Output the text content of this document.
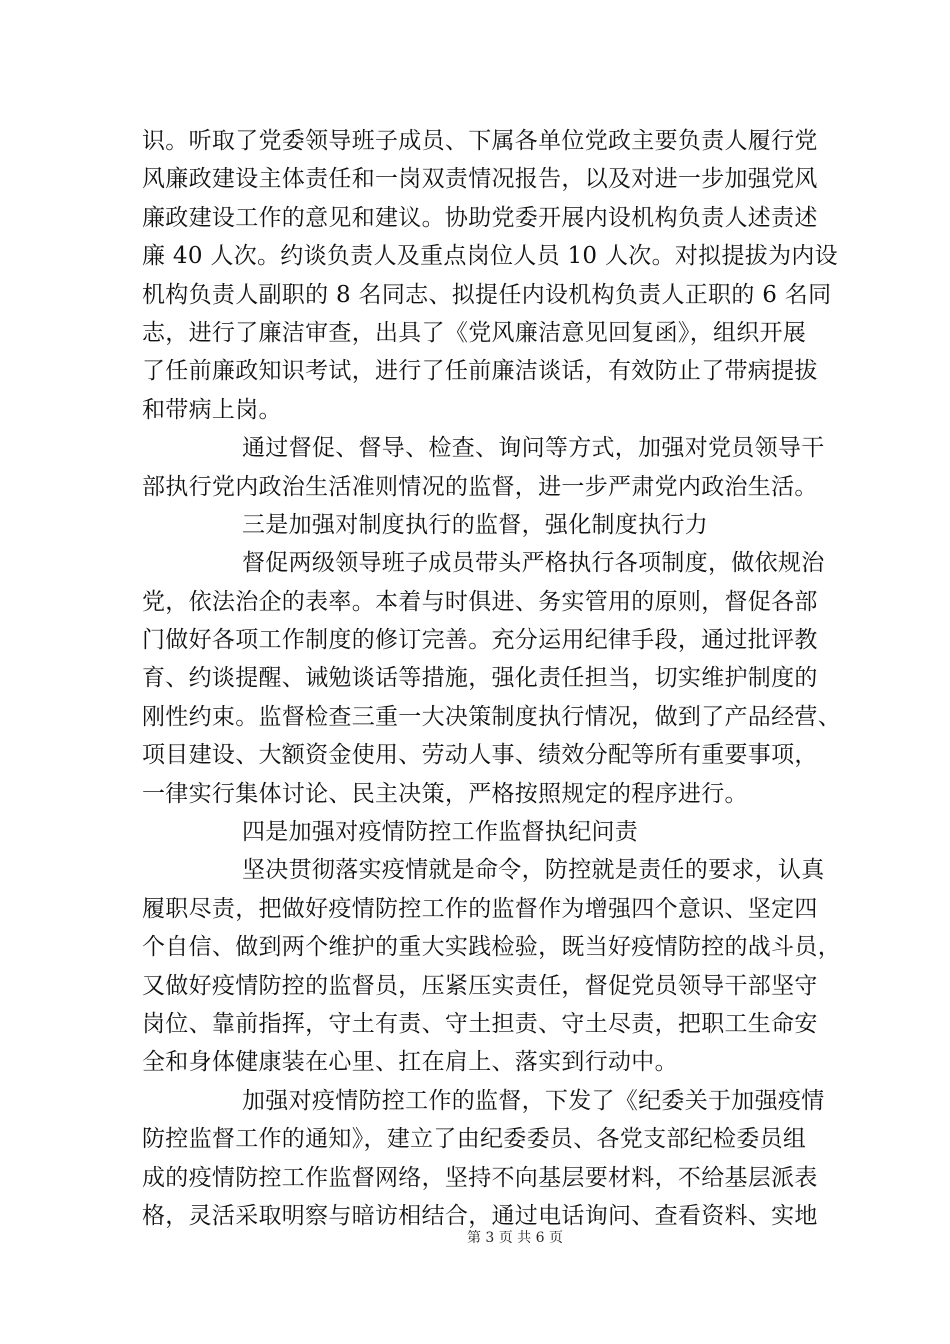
识。听取了党委领导班子成员、下属各单位党政主要负责人履行党
风廉政建设主体责任和一岗双责情况报告，以及对进一步加强党风
廉政建设工作的意见和建议。协助党委开展内设机构负责人述责述
廉 40 人次。约谈负责人及重点岗位人员 10 人次。对拟提拔为内设
机构负责人副职的 8 名同志、拟提任内设机构负责人正职的 6 名同
志，进行了廉洁审查，出具了《党风廉洁意见回复函》，组织开展
了任前廉政知识考试，进行了任前廉洁谈话，有效防止了带病提拔
和带病上岗。
通过督促、督导、检查、询问等方式，加强对党员领导干
部执行党内政治生活准则情况的监督，进一步严肃党内政治生活。
三是加强对制度执行的监督，强化制度执行力
督促两级领导班子成员带头严格执行各项制度，做依规治
党，依法治企的表率。本着与时俱进、务实管用的原则，督促各部
门做好各项工作制度的修订完善。充分运用纪律手段，通过批评教
育、约谈提醒、诫勉谈话等措施，强化责任担当，切实维护制度的
刚性约束。监督检查三重一大决策制度执行情况，做到了产品经营、
项目建设、大额资金使用、劳动人事、绩效分配等所有重要事项，
一律实行集体讨论、民主决策，严格按照规定的程序进行。
四是加强对疫情防控工作监督执纪问责
坚决贯彻落实疫情就是命令，防控就是责任的要求，认真
履职尽责，把做好疫情防控工作的监督作为增强四个意识、坚定四
个自信、做到两个维护的重大实践检验，既当好疫情防控的战斗员，
又做好疫情防控的监督员，压紧压实责任，督促党员领导干部坚守
岗位、靠前指挥，守土有责、守土担责、守土尽责，把职工生命安
全和身体健康装在心里、扛在肩上、落实到行动中。
加强对疫情防控工作的监督，下发了《纪委关于加强疫情
防控监督工作的通知》，建立了由纪委委员、各党支部纪检委员组
成的疫情防控工作监督网络，坚持不向基层要材料，不给基层派表
格，灵活采取明察与暗访相结合，通过电话询问、查看资料、实地
第 3 页 共 6 页
